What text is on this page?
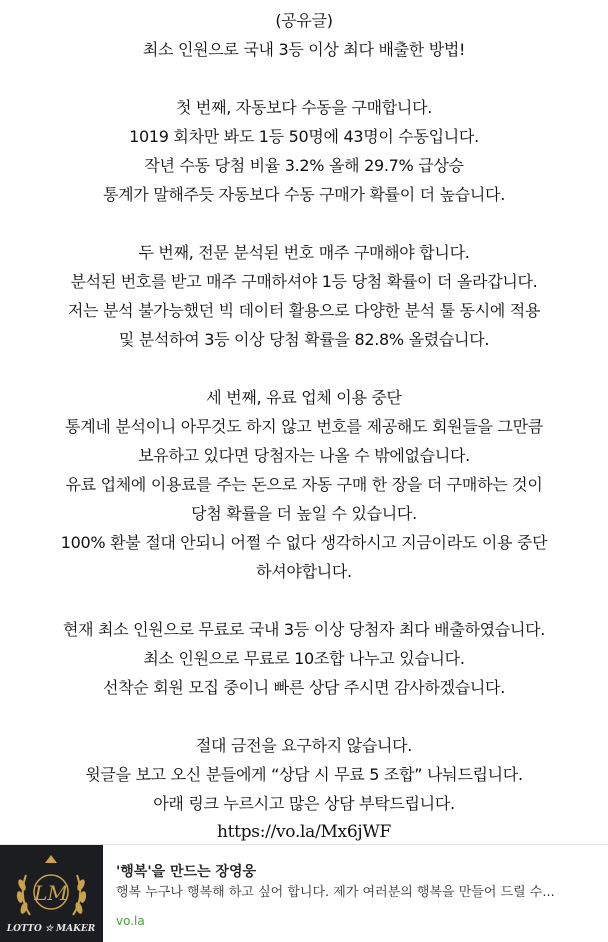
(공유글)
최소 인원으로 국내 3등 이상 최다 배출한 방법!
첫 번째, 자동보다 수동을 구매합니다.
1019 회차만 봐도 1등 50명에 43명이 수동입니다.
작년 수동 당첨 비율 3.2% 올해 29.7% 급상승
통계가 말해주듯 자동보다 수동 구매가 확률이 더 높습니다.
두 번째, 전문 분석된 번호 매주 구매해야 합니다.
분석된 번호를 받고 매주 구매하셔야 1등 당첨 확률이 더 올라갑니다.
저는 분석 불가능했던 빅 데이터 활용으로 다양한 분석 툴 동시에 적용
및 분석하여 3등 이상 당첨 확률을 82.8% 올렸습니다.
세 번째, 유료 업체 이용 중단
통계네 분석이니 아무것도 하지 않고 번호를 제공해도 회원들을 그만큼
보유하고 있다면 당첨자는 나올 수 밖에없습니다.
유료 업체에 이용료를 주는 돈으로 자동 구매 한 장을 더 구매하는 것이
당첨 확률을 더 높일 수 있습니다.
100% 환불 절대 안되니 어쩔 수 없다 생각하시고 지금이라도 이용 중단
하셔야합니다.
현재 최소 인원으로 무료로 국내 3등 이상 당첨자 최다 배출하였습니다.
최소 인원으로 무료로 10조합 나누고 있습니다.
선착순 회원 모집 중이니 빠른 상담 주시면 감사하겠습니다.
절대 금전을 요구하지 않습니다.
윗글을 보고 오신 분들에게 “상담 시 무료 5 조합” 나눠드립니다.
아래 링크 누르시고 많은 상담 부탁드립니다.
https://vo.la/Mx6jWF
LM
LOTTO ☆ MAKER
'행복'을 만드는 장영웅
행복 누구나 행복해 하고 싶어 합니다. 제가 여러분의 행복을 만들어 드릴 수...
vo.la
